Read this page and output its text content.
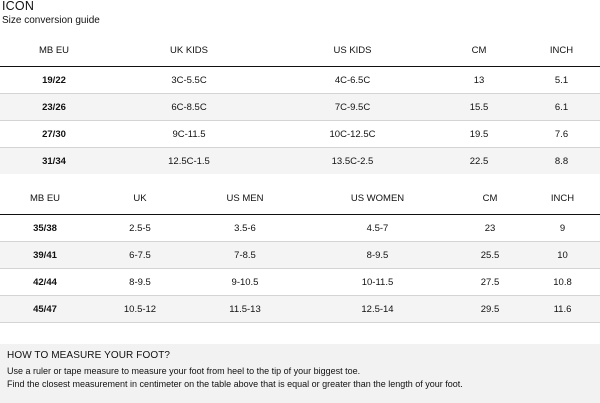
ICON
Size conversion guide
MB EU	UK KIDS	US KIDS	CM	INCH
19/22	3C-5.5C	4C-6.5C	13	5.1
23/26	6C-8.5C	7C-9.5C	15.5	6.1
27/30	9C-11.5	10C-12.5C	19.5	7.6
31/34	12.5C-1.5	13.5C-2.5	22.5	8.8
MB EU	UK	US MEN	US WOMEN	CM	INCH
35/38	2.5-5	3.5-6	4.5-7	23	9
39/41	6-7.5	7-8.5	8-9.5	25.5	10
42/44	8-9.5	9-10.5	10-11.5	27.5	10.8
45/47	10.5-12	11.5-13	12.5-14	29.5	11.6
HOW TO MEASURE YOUR FOOT?
Use a ruler or tape measure to measure your foot from heel to the tip of your biggest toe.
Find the closest measurement in centimeter on the table above that is equal or greater than the length of your foot.
